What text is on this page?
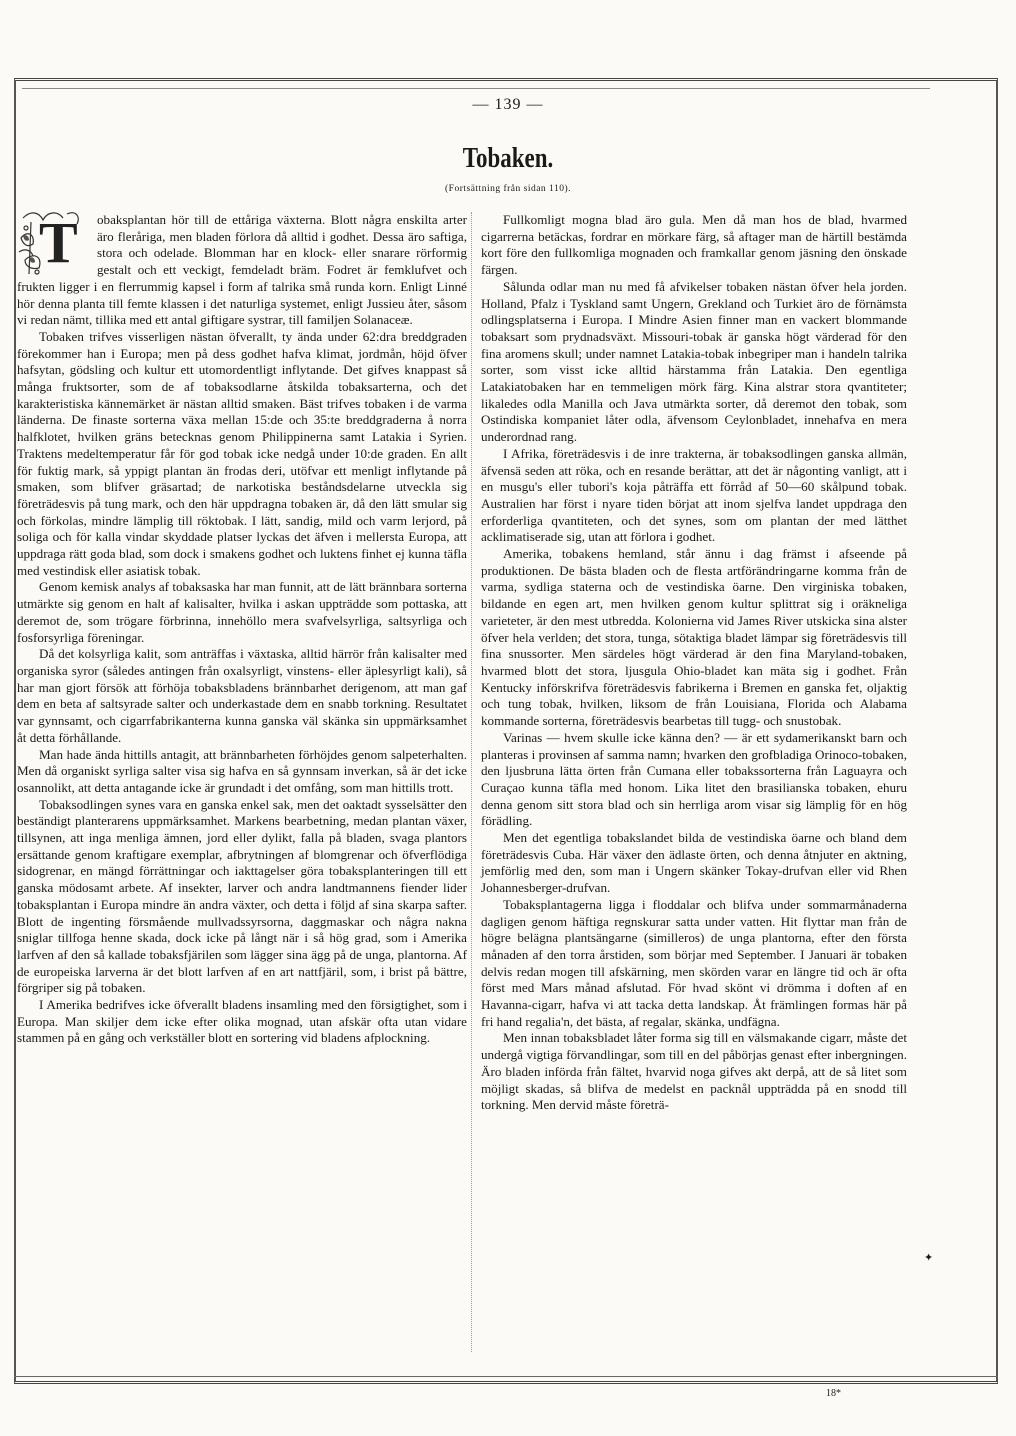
— 139 —
Tobaken.
(Fortsättning från sidan 110).

T obaksplantan hör till de ettåriga växterna. Blott några enskilta arter äro fleråriga, men bladen förlora då alltid i godhet. Dessa äro saftiga, stora och odelade. Blomman har en klock- eller snarare rörformig gestalt och ett veckigt, femdeladt bräm. Fodret är femklufvet och frukten ligger i en flerrummig kapsel i form af talrika små runda korn. Enligt Linné hör denna planta till femte klassen i det naturliga systemet, enligt Jussieu åter, såsom vi redan nämt, tillika med ett antal giftigare systrar, till familjen Solanaceæ.

Tobaken trifves visserligen nästan öfverallt, ty ända under 62:dra breddgraden förekommer han i Europa; men på dess godhet hafva klimat, jordmån, höjd öfver hafsytan, gödsling och kultur ett utomordentligt inflytande. Det gifves knappast så många fruktsorter, som de af tobaksodlarne åtskilda tobaksarterna, och det karakteristiska kännemärket är nästan alltid smaken. Bäst trifves tobaken i de varma länderna. De finaste sorterna växa mellan 15:de och 35:te breddgraderna å norra halfklotet, hvilken gräns betecknas genom Philippinerna samt Latakia i Syrien. Traktens medeltemperatur får för god tobak icke nedgå under 10:de graden. En allt för fuktig mark, så yppigt plantan än frodas deri, utöfvar ett menligt inflytande på smaken, som blifver gräsartad; de narkotiska beståndsdelarne utveckla sig företrädesvis på tung mark, och den här uppdragna tobaken är, då den lätt smular sig och förkolas, mindre lämplig till röktobak. I lätt, sandig, mild och varm lerjord, på soliga och för kalla vindar skyddade platser lyckas det äfven i mellersta Europa, att uppdraga rätt goda blad, som dock i smakens godhet och luktens finhet ej kunna täfla med vestindisk eller asiatisk tobak.

Genom kemisk analys af tobaksaska har man funnit, att de lätt brännbara sorterna utmärkte sig genom en halt af kalisalter, hvilka i askan uppträdde som pottaska, att deremot de, som trögare förbrinna, innehöllo mera svafvelsyrliga, saltsyrliga och fosforsyrliga föreningar.

Då det kolsyrliga kalit, som anträffas i växtaska, alltid härrör från kalisalter med organiska syror (således antingen från oxalsyrligt, vinstens- eller äplesyrligt kali), så har man gjort försök att förhöja tobaksbladens brännbarhet derigenom, att man gaf dem en beta af saltsyrade salter och underkastade dem en snabb torkning. Resultatet var gynnsamt, och cigarrfabrikanterna kunna ganska väl skänka sin uppmärksamhet åt detta förhållande.

Man hade ända hittills antagit, att brännbarheten förhöjdes genom salpeterhalten. Men då organiskt syrliga salter visa sig hafva en så gynnsam inverkan, så är det icke osannolikt, att detta antagande icke är grundadt i det omfång, som man hittills trott.

Tobaksodlingen synes vara en ganska enkel sak, men det oaktadt sysselsätter den beständigt planterarens uppmärksamhet. Markens bearbetning, medan plantan växer, tillsynen, att inga menliga ämnen, jord eller dylikt, falla på bladen, svaga plantors ersättande genom kraftigare exemplar, afbrytningen af blomgrenar och öfverflödiga sidogrenar, en mängd förrättningar och iakttagelser göra tobaksplanteringen till ett ganska mödosamt arbete. Af insekter, larver och andra landtmannens fiender lider tobaksplantan i Europa mindre än andra växter, och detta i följd af sina skarpa safter. Blott de ingenting försmående mullvadssyrsorna, daggmaskar och några nakna sniglar tillfoga henne skada, dock icke på långt när i så hög grad, som i Amerika larfven af den så kallade tobaksfjärilen som lägger sina ägg på de unga, plantorna. Af de europeiska larverna är det blott larfven af en art nattfjäril, som, i brist på bättre, förgriper sig på tobaken.

I Amerika bedrifves icke öfverallt bladens insamling med den försigtighet, som i Europa. Man skiljer dem icke efter olika mognad, utan afskär ofta utan vidare stammen på en gång och verkställer blott en sortering vid bladens afplockning.

Fullkomligt mogna blad äro gula. Men då man hos de blad, hvarmed cigarrerna betäckas, fordrar en mörkare färg, så aftager man de härtill bestämda kort före den fullkomliga mognaden och framkallar genom jäsning den önskade färgen.

Sålunda odlar man nu med få afvikelser tobaken nästan öfver hela jorden. Holland, Pfalz i Tyskland samt Ungern, Grekland och Turkiet äro de förnämsta odlingsplatserna i Europa. I Mindre Asien finner man en vackert blommande tobaksart som prydnadsväxt. Missouri-tobak är ganska högt värderad för den fina aromens skull; under namnet Latakia-tobak inbegriper man i handeln talrika sorter, som visst icke alltid härstamma från Latakia. Den egentliga Latakiatobaken har en temmeligen mörk färg. Kina alstrar stora qvantiteter; likaledes odla Manilla och Java utmärkta sorter, då deremot den tobak, som Ostindiska kompaniet låter odla, äfvensom Ceylonbladet, innehafva en mera underordnad rang.

I Afrika, företrädesvis i de inre trakterna, är tobaksodlingen ganska allmän, äfvensä seden att röka, och en resande berättar, att det är någonting vanligt, att i en musgu's eller tubori's koja påträffa ett förråd af 50—60 skålpund tobak. Australien har först i nyare tiden börjat att inom sjelfva landet uppdraga den erforderliga qvantiteten, och det synes, som om plantan der med lätthet acklimatiserade sig, utan att förlora i godhet.

Amerika, tobakens hemland, står ännu i dag främst i afseende på produktionen. De bästa bladen och de flesta artförändringarne komma från de varma, sydliga staterna och de vestindiska öarne. Den virginiska tobaken, bildande en egen art, men hvilken genom kultur splittrat sig i oräkneliga varieteter, är den mest utbredda. Kolonierna vid James River utskicka sina alster öfver hela verlden; det stora, tunga, sötaktiga bladet lämpar sig företrädesvis till fina snussorter. Men särdeles högt värderad är den fina Maryland-tobaken, hvarmed blott det stora, ljusgula Ohio-bladet kan mäta sig i godhet. Från Kentucky införskrifva företrädesvis fabrikerna i Bremen en ganska fet, oljaktig och tung tobak, hvilken, liksom de från Louisiana, Florida och Alabama kommande sorterna, företrädesvis bearbetas till tugg- och snustobak.

Varinas — hvem skulle icke känna den? — är ett sydamerikanskt barn och planteras i provinsen af samma namn; hvarken den grofbladiga Orinoco-tobaken, den ljusbruna lätta örten från Cumana eller tobakssorterna från Laguayra och Curaçao kunna täfla med honom. Lika litet den brasilianska tobaken, ehuru denna genom sitt stora blad och sin herrliga arom visar sig lämplig för en hög förädling.

Men det egentliga tobakslandet bilda de vestindiska öarne och bland dem företrädesvis Cuba. Här växer den ädlaste örten, och denna åtnjuter en aktning, jemförlig med den, som man i Ungern skänker Tokay-drufvan eller vid Rhen Johannesberger-drufvan.

Tobaksplantagerna ligga i floddalar och blifva under sommarmånaderna dagligen genom häftiga regnskurar satta under vatten. Hit flyttar man från de högre belägna plantsängarne (similleros) de unga plantorna, efter den första månaden af den torra årstiden, som börjar med September. I Januari är tobaken delvis redan mogen till afskärning, men skörden varar en längre tid och är ofta först med Mars månad afslutad. För hvad skönt vi drömma i doften af en Havanna-cigarr, hafva vi att tacka detta landskap. Åt främlingen formas här på fri hand regalia'n, det bästa, af regalar, skänka, undfägna.

Men innan tobaksbladet låter forma sig till en välsmakande cigarr, måste det undergå vigtiga förvandlingar, som till en del påbörjas genast efter inbergningen. Äro bladen införda från fältet, hvarvid noga gifves akt derpå, att de så litet som möjligt skadas, så blifva de medelst en packnål uppträdda på en snodd till torkning. Men dervid måste företrä-

✦
18*
